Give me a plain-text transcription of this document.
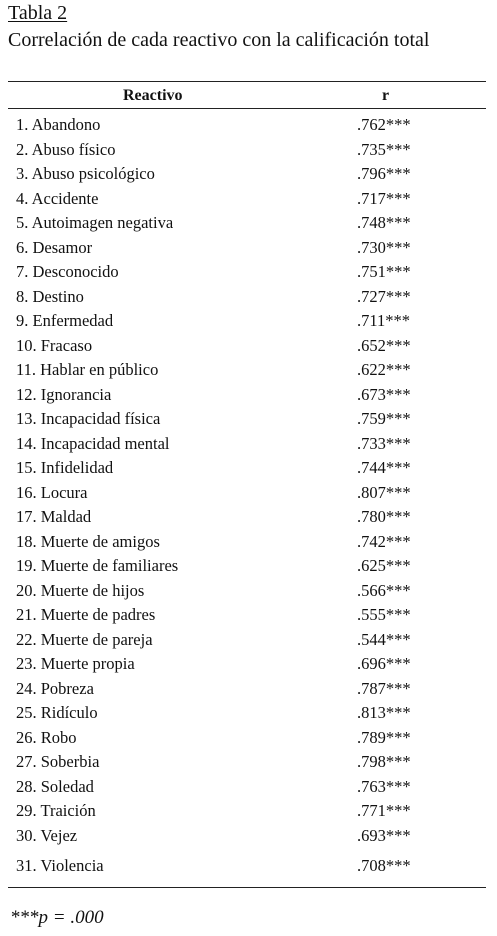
Tabla 2
Correlación de cada reactivo con la calificación total
Reactivo	r
1. Abandono	.762***
2. Abuso físico	.735***
3. Abuso psicológico	.796***
4. Accidente	.717***
5. Autoimagen negativa	.748***
6. Desamor	.730***
7. Desconocido	.751***
8. Destino	.727***
9. Enfermedad	.711***
10. Fracaso	.652***
11. Hablar en público	.622***
12. Ignorancia	.673***
13. Incapacidad física	.759***
14. Incapacidad mental	.733***
15. Infidelidad	.744***
16. Locura	.807***
17. Maldad	.780***
18. Muerte de amigos	.742***
19. Muerte de familiares	.625***
20. Muerte de hijos	.566***
21. Muerte de padres	.555***
22. Muerte de pareja	.544***
23. Muerte propia	.696***
24. Pobreza	.787***
25. Ridículo	.813***
26. Robo	.789***
27. Soberbia	.798***
28. Soledad	.763***
29. Traición	.771***
30. Vejez	.693***
31. Violencia	.708***
***p = .000
